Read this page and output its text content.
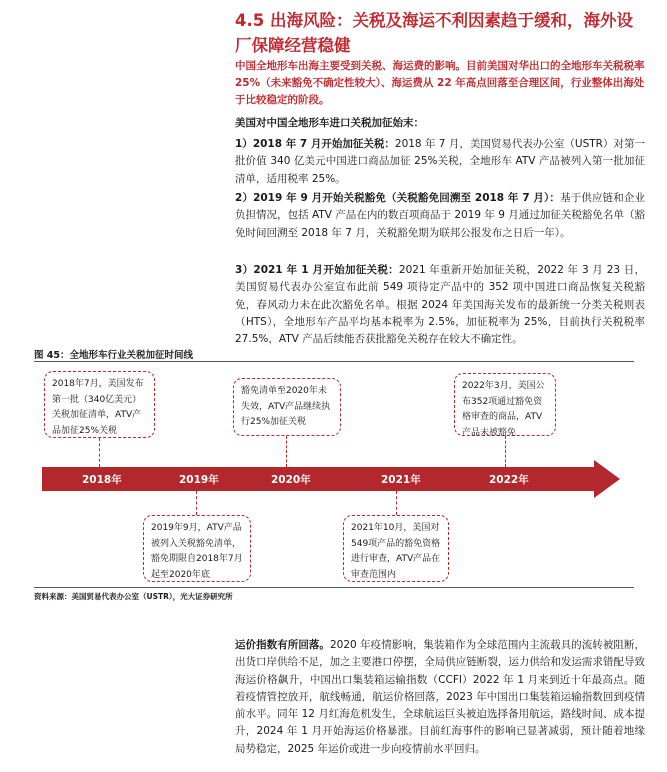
4.5 出海风险：关税及海运不利因素趋于缓和，海外设厂保障经营稳健
中国全地形车出海主要受到关税、海运费的影响。目前美国对华出口的全地形车关税税率 25%（未来豁免不确定性较大）、海运费从 22 年高点回落至合理区间，行业整体出海处于比较稳定的阶段。
美国对中国全地形车进口关税加征始末：

1）2018 年 7 月开始加征关税：2018 年 7 月，美国贸易代表办公室（USTR）对第一批价值 340 亿美元中国进口商品加征 25%关税，全地形车 ATV 产品被列入第一批加征清单，适用税率 25%。

2）2019 年 9 月开始关税豁免（关税豁免回溯至 2018 年 7 月）：基于供应链和企业负担情况，包括 ATV 产品在内的数百项商品于 2019 年 9 月通过加征关税豁免名单（豁免时间回溯至 2018 年 7 月，关税豁免期为联邦公报发布之日后一年）。

3）2021 年 1 月开始加征关税：2021 年重新开始加征关税，2022 年 3 月 23 日，美国贸易代表办公室宣布此前 549 项待定产品中的 352 项中国进口商品恢复关税豁免，春风动力未在此次豁免名单。根据 2024 年美国海关发布的最新统一分类关税则表（HTS），全地形车产品平均基本税率为 2.5%，加征税率为 25%，目前执行关税税率 27.5%，ATV 产品后续能否获批豁免关税存在较大不确定性。

图 45：全地形车行业关税加征时间线
2018年7月，美国发布第一批（340亿美元）关税加征清单，ATV产品加征25%关税
豁免清单至2020年未失效，ATV产品继续执行25%加征关税
2022年3月，美国公布352项通过豁免资格审查的商品，ATV产品未被豁免
2018年	2019年	2020年	2021年	2022年
2019年9月，ATV产品被列入关税豁免清单，豁免期限自2018年7月起至2020年底
2021年10月，美国对549项产品的豁免资格进行审查，ATV产品在审查范围内
资料来源：美国贸易代表办公室（USTR），光大证券研究所

运价指数有所回落。2020 年疫情影响，集装箱作为全球范围内主流载具的流转被阻断，出货口岸供给不足，加之主要港口停摆，全局供应链断裂，运力供给和发运需求错配导致海运价格飙升，中国出口集装箱运输指数（CCFI）2022 年 1 月来到近十年最高点。随着疫情管控放开，航线畅通，航运价格回落，2023 年中国出口集装箱运输指数回到疫情前水平。同年 12 月红海危机发生，全球航运巨头被迫选择备用航运，路线时间、成本提升，2024 年 1 月开始海运价格暴涨。目前红海事件的影响已显著减弱，预计随着地缘局势稳定，2025 年运价或进一步向疫情前水平回归。
